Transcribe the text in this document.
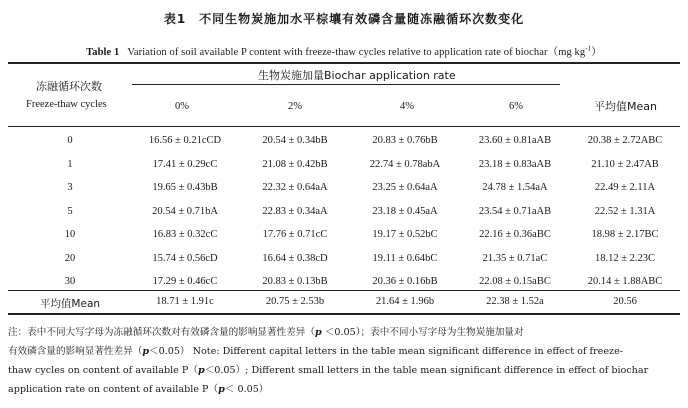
表1　不同生物炭施加水平棕壤有效磷含量随冻融循环次数变化
Table 1 Variation of soil available P content with freeze-thaw cycles relative to application rate of biochar（mg $kg^{-1}$）
冻融循环次数
Freeze-thaw cycles
生物炭施加量Biochar application rate
0%	2%	4%	6%	平均值Mean
0	16.56 ± 0.21cCD	20.54 ± 0.34bB	20.83 ± 0.76bB	23.60 ± 0.81aAB	20.38 ± 2.72ABC
1	17.41 ± 0.29cC	21.08 ± 0.42bB	22.74 ± 0.78abA	23.18 ± 0.83aAB	21.10 ± 2.47AB
3	19.65 ± 0.43bB	22.32 ± 0.64aA	23.25 ± 0.64aA	24.78 ± 1.54aA	22.49 ± 2.11A
5	20.54 ± 0.71bA	22.83 ± 0.34aA	23.18 ± 0.45aA	23.54 ± 0.71aAB	22.52 ± 1.31A
10	16.83 ± 0.32cC	17.76 ± 0.71cC	19.17 ± 0.52bC	22.16 ± 0.36aBC	18.98 ± 2.17BC
20	15.74 ± 0.56cD	16.64 ± 0.38cD	19.11 ± 0.64bC	21.35 ± 0.71aC	18.12 ± 2.23C
30	17.29 ± 0.46cC	20.83 ± 0.13bB	20.36 ± 0.16bB	22.08 ± 0.15aBC	20.14 ± 1.88ABC
平均值Mean	18.71 ± 1.91c	20.75 ± 2.53b	21.64 ± 1.96b	22.38 ± 1.52a	20.56
注：表中不同大写字母为冻融循环次数对有效磷含量的影响显著性差异（p ＜0.05）；表中不同小写字母为生物炭施加量对
有效磷含量的影响显著性差异（p＜0.05） Note: Different capital letters in the table mean significant difference in effect of freeze-
thaw cycles on content of available P（p＜0.05）; Different small letters in the table mean significant difference in effect of biochar
application rate on content of available P（p＜ 0.05）
